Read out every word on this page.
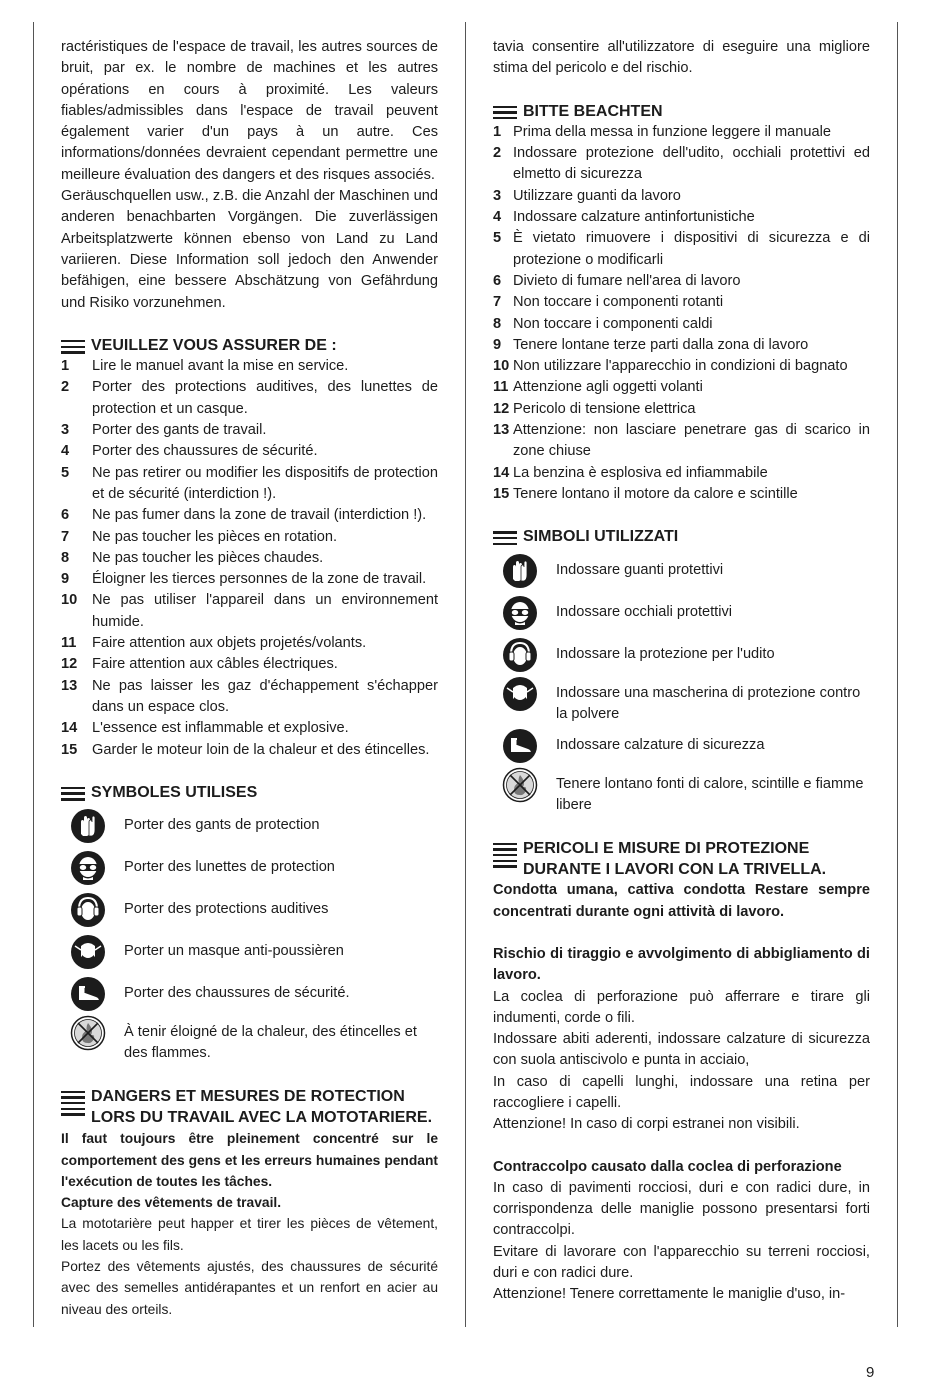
ractéristiques de l'espace de travail, les autres sources de bruit, par ex. le nombre de machines et les autres opérations en cours à proximité. Les valeurs fiables/admissibles dans l'espace de travail peuvent également varier d'un pays à un autre. Ces informations/données devraient cependant permettre une meilleure évaluation des dangers et des risques associés.

Geräuschquellen usw., z.B. die Anzahl der Maschinen und anderen benachbarten Vorgängen. Die zuverlässigen Arbeitsplatzwerte können ebenso von Land zu Land variieren. Diese Information soll jedoch den Anwender befähigen, eine bessere Abschätzung von Gefährdung und Risiko vorzunehmen.

VEUILLEZ VOUS ASSURER DE :
1	Lire le manuel avant la mise en service.
2	Porter des protections auditives, des lunettes de protection et un casque.
3	Porter des gants de travail.
4	Porter des chaussures de sécurité.
5	Ne pas retirer ou modifier les dispositifs de protection et de sécurité (interdiction !).
6	Ne pas fumer dans la zone de travail (interdiction !).
7	Ne pas toucher les pièces en rotation.
8	Ne pas toucher les pièces chaudes.
9	Éloigner les tierces personnes de la zone de travail.
10	Ne pas utiliser l'appareil dans un environnement humide.
11	Faire attention aux objets projetés/volants.
12	Faire attention aux câbles électriques.
13	Ne pas laisser les gaz d'échappement s'échapper dans un espace clos.
14	L'essence est inflammable et explosive.
15	Garder le moteur loin de la chaleur et des étincelles.
SYMBOLES UTILISES
Porter des gants de protection
Porter des lunettes de protection
Porter des protections auditives
Porter un masque anti-poussièren
Porter des chaussures de sécurité.
À tenir éloigné de la chaleur, des étincelles et des flammes.
DANGERS ET MESURES DE ROTECTION LORS DU TRAVAIL AVEC LA MOTOTARIERE.

Il faut toujours être pleinement concentré sur le comportement des gens et les erreurs humaines pendant l'exécution de toutes les tâches.

Capture des vêtements de travail.

La mototarière peut happer et tirer les pièces de vêtement, les lacets ou les fils.

Portez des vêtements ajustés, des chaussures de sécurité avec des semelles antidérapantes et un renfort en acier au niveau des orteils.

tavia consentire all'utilizzatore di eseguire una migliore stima del pericolo e del rischio.

BITTE BEACHTEN
1 Prima della messa in funzione leggere il manuale
2 Indossare protezione dell'udito, occhiali protettivi ed elmetto di sicurezza
3 Utilizzare guanti da lavoro
4 Indossare calzature antinfortunistiche
5 È vietato rimuovere i dispositivi di sicurezza e di protezione o modificarli
6 Divieto di fumare nell'area di lavoro
7 Non toccare i componenti rotanti
8 Non toccare i componenti caldi
9 Tenere lontane terze parti dalla zona di lavoro
10 Non utilizzare l'apparecchio in condizioni di bagnato
11 Attenzione agli oggetti volanti
12 Pericolo di tensione elettrica
13 Attenzione: non lasciare penetrare gas di scarico in zone chiuse
14 La benzina è esplosiva ed infiammabile
15 Tenere lontano il motore da calore e scintille
SIMBOLI UTILIZZATI
Indossare guanti protettivi
Indossare occhiali protettivi
Indossare la protezione per l'udito
Indossare una mascherina di protezione contro la polvere
Indossare calzature di sicurezza
Tenere lontano fonti di calore, scintille e fiamme libere
PERICOLI E MISURE DI PROTEZIONE DURANTE I LAVORI CON LA TRIVELLA.

Condotta umana, cattiva condotta Restare sempre concentrati durante ogni attività di lavoro.

Rischio di tiraggio e avvolgimento di abbigliamento di lavoro.

La coclea di perforazione può afferrare e tirare gli indumenti, corde o fili.

Indossare abiti aderenti, indossare calzature di sicurezza con suola antiscivolo e punta in acciaio,

In caso di capelli lunghi, indossare una retina per raccogliere i capelli.

Attenzione! In caso di corpi estranei non visibili.

Contraccolpo causato dalla coclea di perforazione

In caso di pavimenti rocciosi, duri e con radici dure, in corrispondenza delle maniglie possono presentarsi forti contraccolpi.

Evitare di lavorare con l'apparecchio su terreni rocciosi, duri e con radici dure.

Attenzione! Tenere correttamente le maniglie d'uso, in-

9
